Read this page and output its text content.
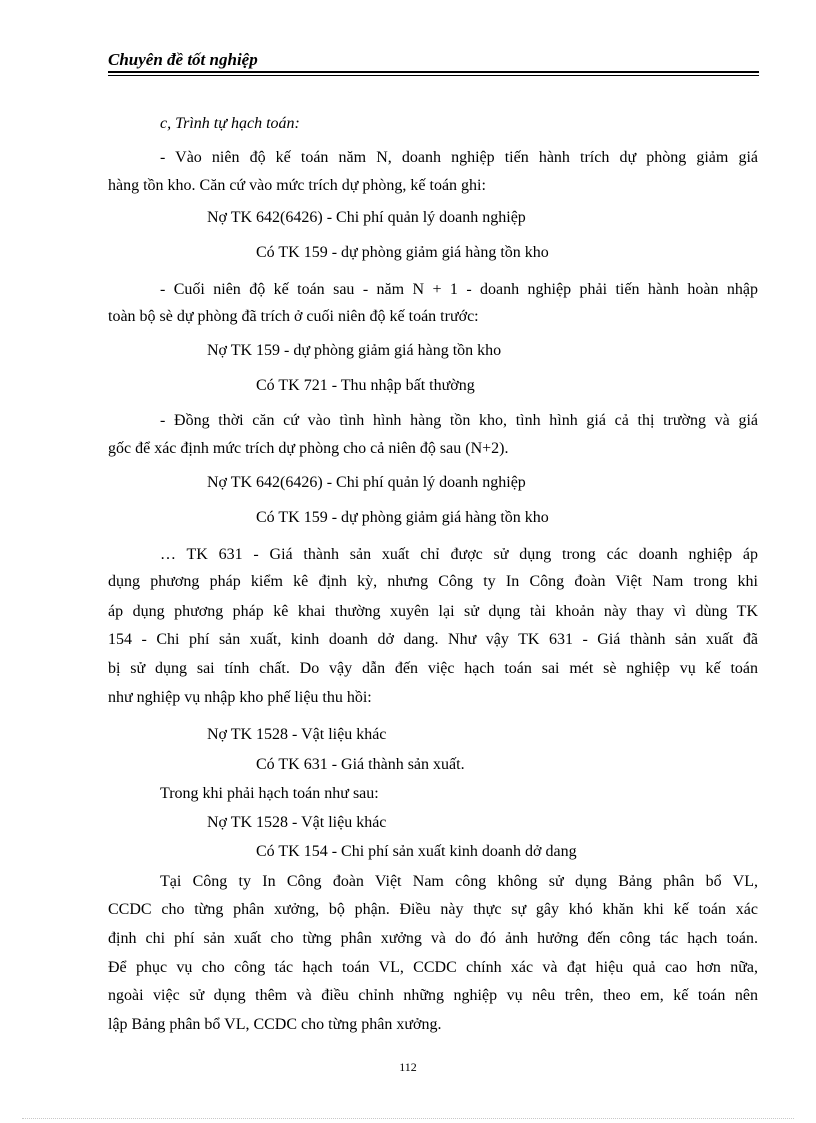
Chuyên đề tốt nghiệp
c, Trình tự hạch toán:
- Vào niên độ kế toán năm N, doanh nghiệp tiến hành trích dự phòng giảm giá
hàng tồn kho. Căn cứ vào mức trích dự phòng, kế toán ghi:
Nợ TK 642(6426) - Chi phí quản lý doanh nghiệp
Có TK 159 - dự phòng giảm giá hàng tồn kho
- Cuối niên độ kế toán sau - năm N + 1 - doanh nghiệp phải tiến hành hoàn nhập
toàn bộ sè dự phòng đã trích ở cuối niên độ kế toán trước:
Nợ TK 159 - dự phòng giảm giá hàng tồn kho
Có TK 721 - Thu nhập bất thường
- Đồng thời căn cứ vào tình hình hàng tồn kho, tình hình giá cả thị trường và giá
gốc để xác định mức trích dự phòng cho cả niên độ sau (N+2).
Nợ TK 642(6426) - Chi phí quản lý doanh nghiệp
Có TK 159 - dự phòng giảm giá hàng tồn kho
… TK 631 - Giá thành sản xuất chỉ được sử dụng trong các doanh nghiệp áp
dụng phương pháp kiểm kê định kỳ, nhưng Công ty In Công đoàn Việt Nam trong khi
áp dụng phương pháp kê khai thường xuyên lại sử dụng tài khoản này thay vì dùng TK
154 - Chi phí sản xuất, kinh doanh dở dang. Như vậy TK 631 - Giá thành sản xuất đã
bị sử dụng sai tính chất. Do vậy dẫn đến việc hạch toán sai mét sè nghiệp vụ kế toán
như nghiệp vụ nhập kho phế liệu thu hồi:
Nợ TK 1528 - Vật liệu khác
Có TK 631 - Giá thành sản xuất.
Trong khi phải hạch toán như sau:
Nợ TK 1528 - Vật liệu khác
Có TK 154 - Chi phí sản xuất kinh doanh dở dang
Tại Công ty In Công đoàn Việt Nam công không sử dụng Bảng phân bổ VL,
CCDC cho từng phân xưởng, bộ phận. Điều này thực sự gây khó khăn khi kế toán xác
định chi phí sản xuất cho từng phân xưởng và do đó ảnh hưởng đến công tác hạch toán.
Để phục vụ cho công tác hạch toán VL, CCDC chính xác và đạt hiệu quả cao hơn nữa,
ngoài việc sử dụng thêm và điều chỉnh những nghiệp vụ nêu trên, theo em, kế toán nên
lập Bảng phân bổ VL, CCDC cho từng phân xưởng.
112
